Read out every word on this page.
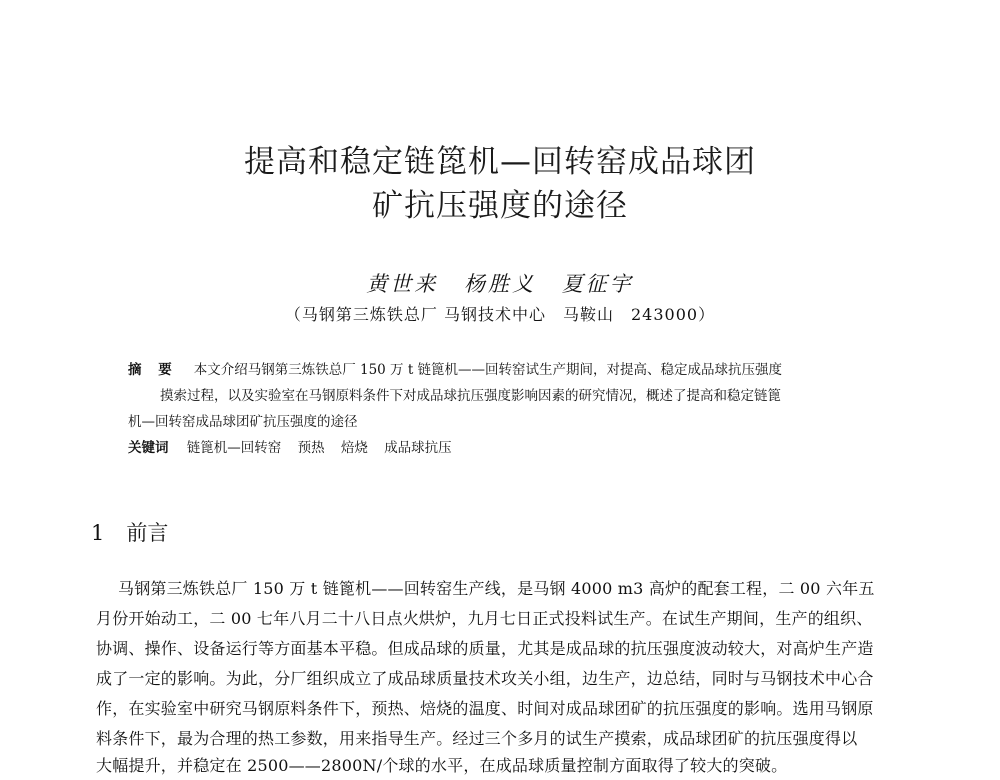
提高和稳定链箆机—回转窑成品球团
矿抗压强度的途径
黄世来 杨胜义 夏征宇
（马钢第三炼铁总厂 马钢技术中心　马鞍山　243000）
摘 要 本文介绍马钢第三炼铁总厂 150 万 t 链篦机——回转窑试生产期间，对提高、稳定成品球抗压强度
摸索过程，以及实验室在马钢原料条件下对成品球抗压强度影响因素的研究情况，概述了提高和稳定链篦
机—回转窑成品球团矿抗压强度的途径
关键词 链篦机—回转窑 预热 焙烧 成品球抗压
1 前言
马钢第三炼铁总厂 150 万 t 链篦机——回转窑生产线，是马钢 4000 m3 高炉的配套工程，二 00 六年五
月份开始动工，二 00 七年八月二十八日点火烘炉，九月七日正式投料试生产。在试生产期间，生产的组织、
协调、操作、设备运行等方面基本平稳。但成品球的质量，尤其是成品球的抗压强度波动较大，对高炉生产造
成了一定的影响。为此，分厂组织成立了成品球质量技术攻关小组，边生产，边总结，同时与马钢技术中心合
作，在实验室中研究马钢原料条件下，预热、焙烧的温度、时间对成品球团矿的抗压强度的影响。选用马钢原
料条件下，最为合理的热工参数，用来指导生产。经过三个多月的试生产摸索，成品球团矿的抗压强度得以
大幅提升，并稳定在 2500——2800N/个球的水平，在成品球质量控制方面取得了较大的突破。
